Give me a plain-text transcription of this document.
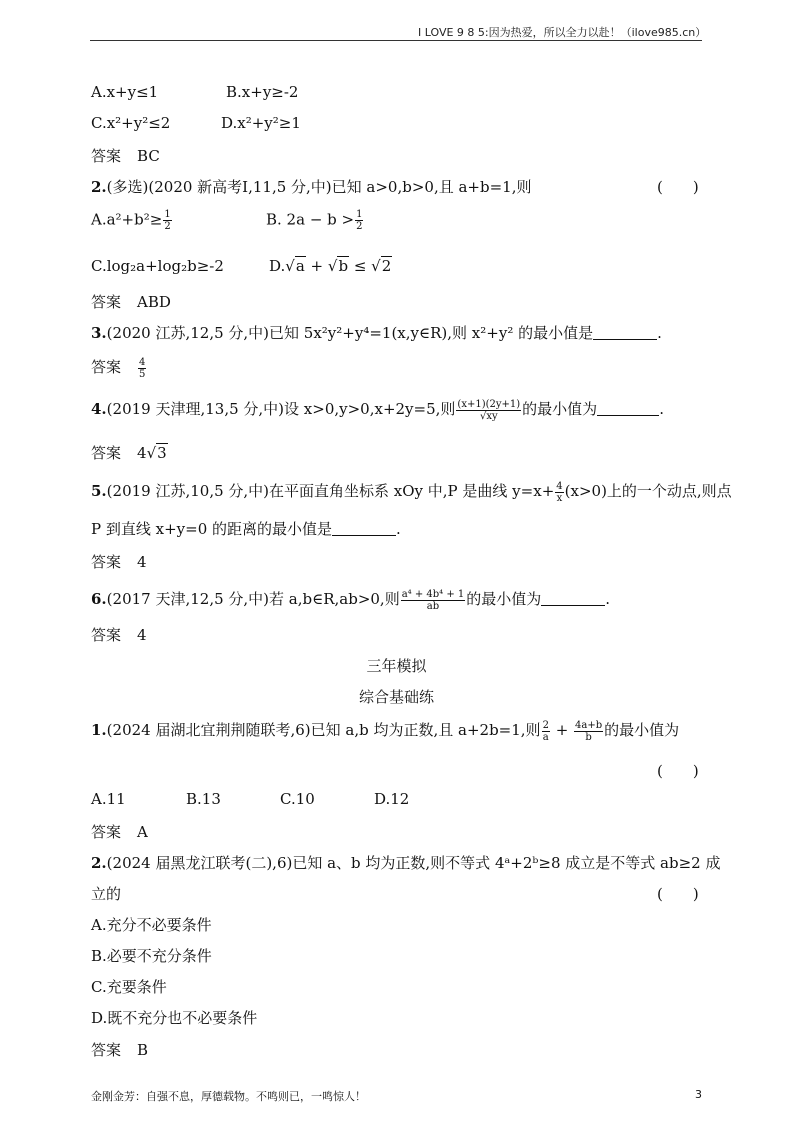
I LOVE 9 8 5:因为热爱，所以全力以赴！（ilove985.cn）
A.x+y≤1	B.x+y≥-2
C.x²+y²≤2	D.x²+y²≥1
答案 BC
2.(多选)(2020 新高考Ⅰ,11,5 分,中)已知 a>0,b>0,且 a+b=1,则	(　　)
$A.a^2+b^2\ge \frac{1}{2}$	B. $2a - b > \frac{1}{2}$
C.log₂a+log₂b≥-2	D.√a + √b ≤ √2
答案 ABD
3.(2020 江苏,12,5 分,中)已知 5x²y²+y⁴=1(x,y∈R),则 x²+y² 的最小值是	.
答案 $\frac{4}{5}$
4.(2019 天津理,13,5 分,中)设 x>0,y>0,x+2y=5,则 $\frac{(x+1)(2y+1)}{√xy}$ 的最小值为	.
答案 4√3
5.(2019 江苏,10,5 分,中)在平面直角坐标系 xOy 中,P 是曲线 $y=x+ \frac{4}{x} (x>0)$上的一个动点,则点
P 到直线 x+y=0 的距离的最小值是	.
答案 4
6.(2017 天津,12,5 分,中)若 a,b∈R,ab>0,则 $\frac{\text{a⁴ + 4b⁴ + 1}}{ab}$ 的最小值为	.
答案 4
三年模拟
综合基础练
1.(2024 届湖北宜荆荆随联考,6)已知 a,b 均为正数,且 a+2b=1,则 $\frac{2}{a} + \frac{4a+b}{b}$ 的最小值为
(　　)
A.11	B.13	C.10	D.12
答案 A
2.(2024 届黑龙江联考(二),6)已知 a、b 均为正数,则不等式 4ᵃ+2ᵇ≥8 成立是不等式 ab≥2 成
立的	(　　)
A.充分不必要条件
B.必要不充分条件
C.充要条件
D.既不充分也不必要条件
答案 B
金刚金芳：自强不息，厚德载物。不鸣则已，一鸣惊人！	3
